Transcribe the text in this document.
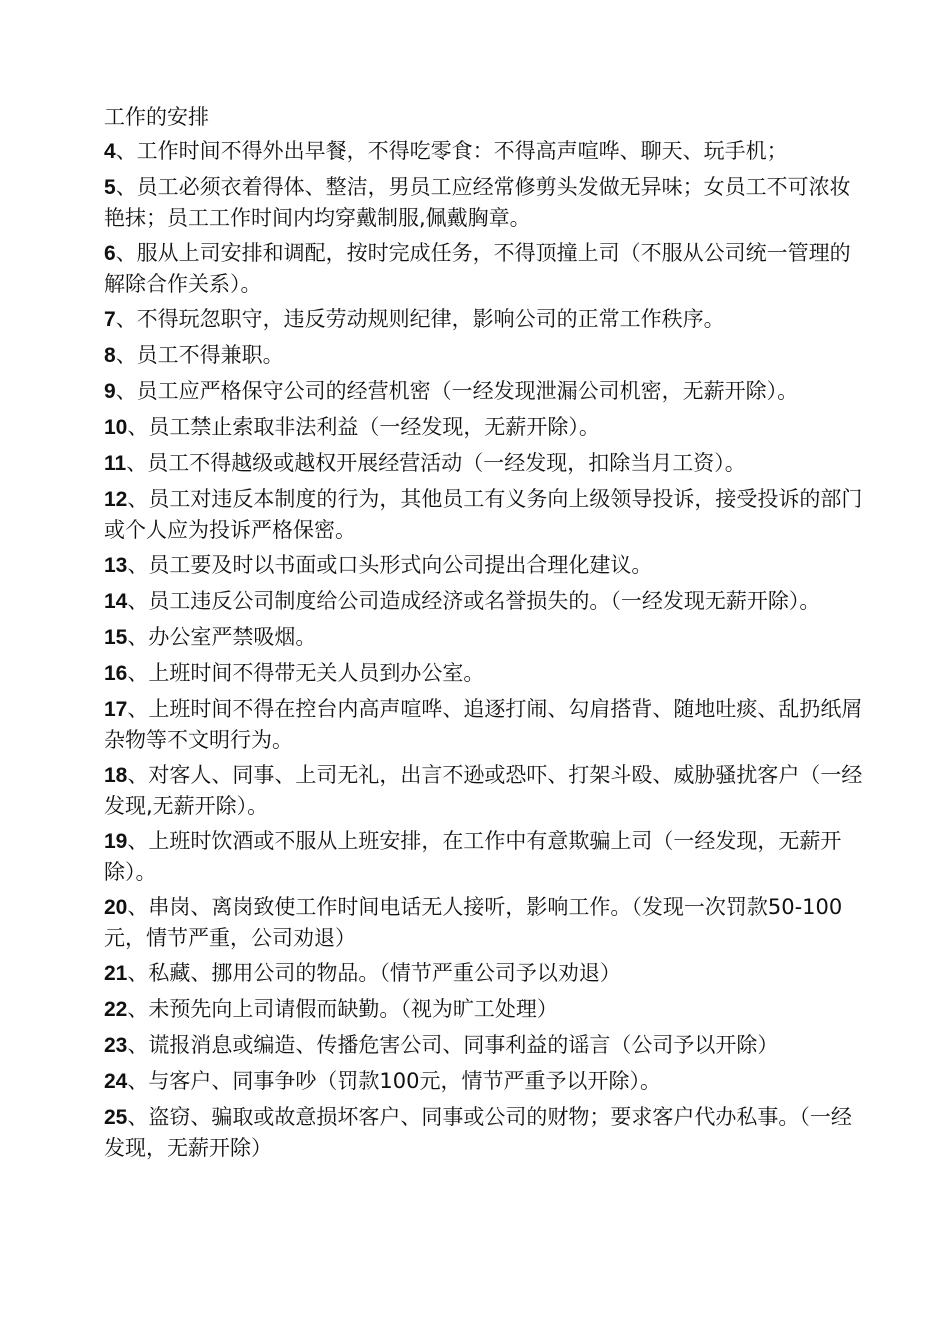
工作的安排

4、工作时间不得外出早餐，不得吃零食：不得高声喧哗、聊天、玩手机；

5、员工必须衣着得体、整洁，男员工应经常修剪头发做无异味；女员工不可浓妆艳抹；员工工作时间内均穿戴制服,佩戴胸章。

6、服从上司安排和调配，按时完成任务，不得顶撞上司（不服从公司统一管理的解除合作关系）。

7、不得玩忽职守，违反劳动规则纪律，影响公司的正常工作秩序。

8、员工不得兼职。

9、员工应严格保守公司的经营机密（一经发现泄漏公司机密，无薪开除）。

10、员工禁止索取非法利益（一经发现，无薪开除）。

11、员工不得越级或越权开展经营活动（一经发现，扣除当月工资）。

12、员工对违反本制度的行为，其他员工有义务向上级领导投诉，接受投诉的部门或个人应为投诉严格保密。

13、员工要及时以书面或口头形式向公司提出合理化建议。

14、员工违反公司制度给公司造成经济或名誉损失的。（一经发现无薪开除）。

15、办公室严禁吸烟。

16、上班时间不得带无关人员到办公室。

17、上班时间不得在控台内高声喧哗、追逐打闹、勾肩搭背、随地吐痰、乱扔纸屑杂物等不文明行为。

18、对客人、同事、上司无礼，出言不逊或恐吓、打架斗殴、威胁骚扰客户（一经发现,无薪开除）。

19、上班时饮酒或不服从上班安排，在工作中有意欺骗上司（一经发现，无薪开除）。

20、串岗、离岗致使工作时间电话无人接听，影响工作。（发现一次罚款50-100元，情节严重，公司劝退）

21、私藏、挪用公司的物品。（情节严重公司予以劝退）

22、未预先向上司请假而缺勤。（视为旷工处理）

23、谎报消息或编造、传播危害公司、同事利益的谣言（公司予以开除）

24、与客户、同事争吵（罚款100元，情节严重予以开除）。

25、盗窃、骗取或故意损坏客户、同事或公司的财物；要求客户代办私事。（一经发现，无薪开除）
